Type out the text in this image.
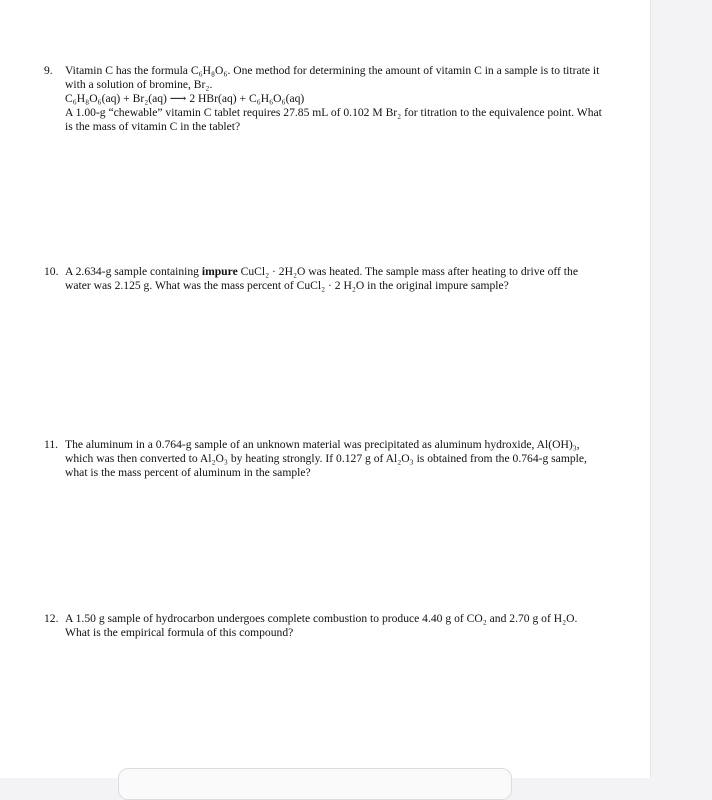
9. Vitamin C has the formula C₆H₈O₆. One method for determining the amount of vitamin C in a sample is to titrate it with a solution of bromine, Br₂.

C₆H₈O₆(aq) + Br₂(aq) ⟶ 2 HBr(aq) + C₆H₆O₆(aq)

A 1.00-g “chewable” vitamin C tablet requires 27.85 mL of 0.102 M Br₂ for titration to the equivalence point. What is the mass of vitamin C in the tablet?

10. A 2.634-g sample containing impure CuCl₂ · 2H₂O was heated. The sample mass after heating to drive off the water was 2.125 g. What was the mass percent of CuCl₂ · 2 H₂O in the original impure sample?

11. The aluminum in a 0.764-g sample of an unknown material was precipitated as aluminum hydroxide, Al(OH)₃, which was then converted to Al₂O₃ by heating strongly. If 0.127 g of Al₂O₃ is obtained from the 0.764-g sample, what is the mass percent of aluminum in the sample?

12. A 1.50 g sample of hydrocarbon undergoes complete combustion to produce 4.40 g of CO₂ and 2.70 g of H₂O. What is the empirical formula of this compound?
